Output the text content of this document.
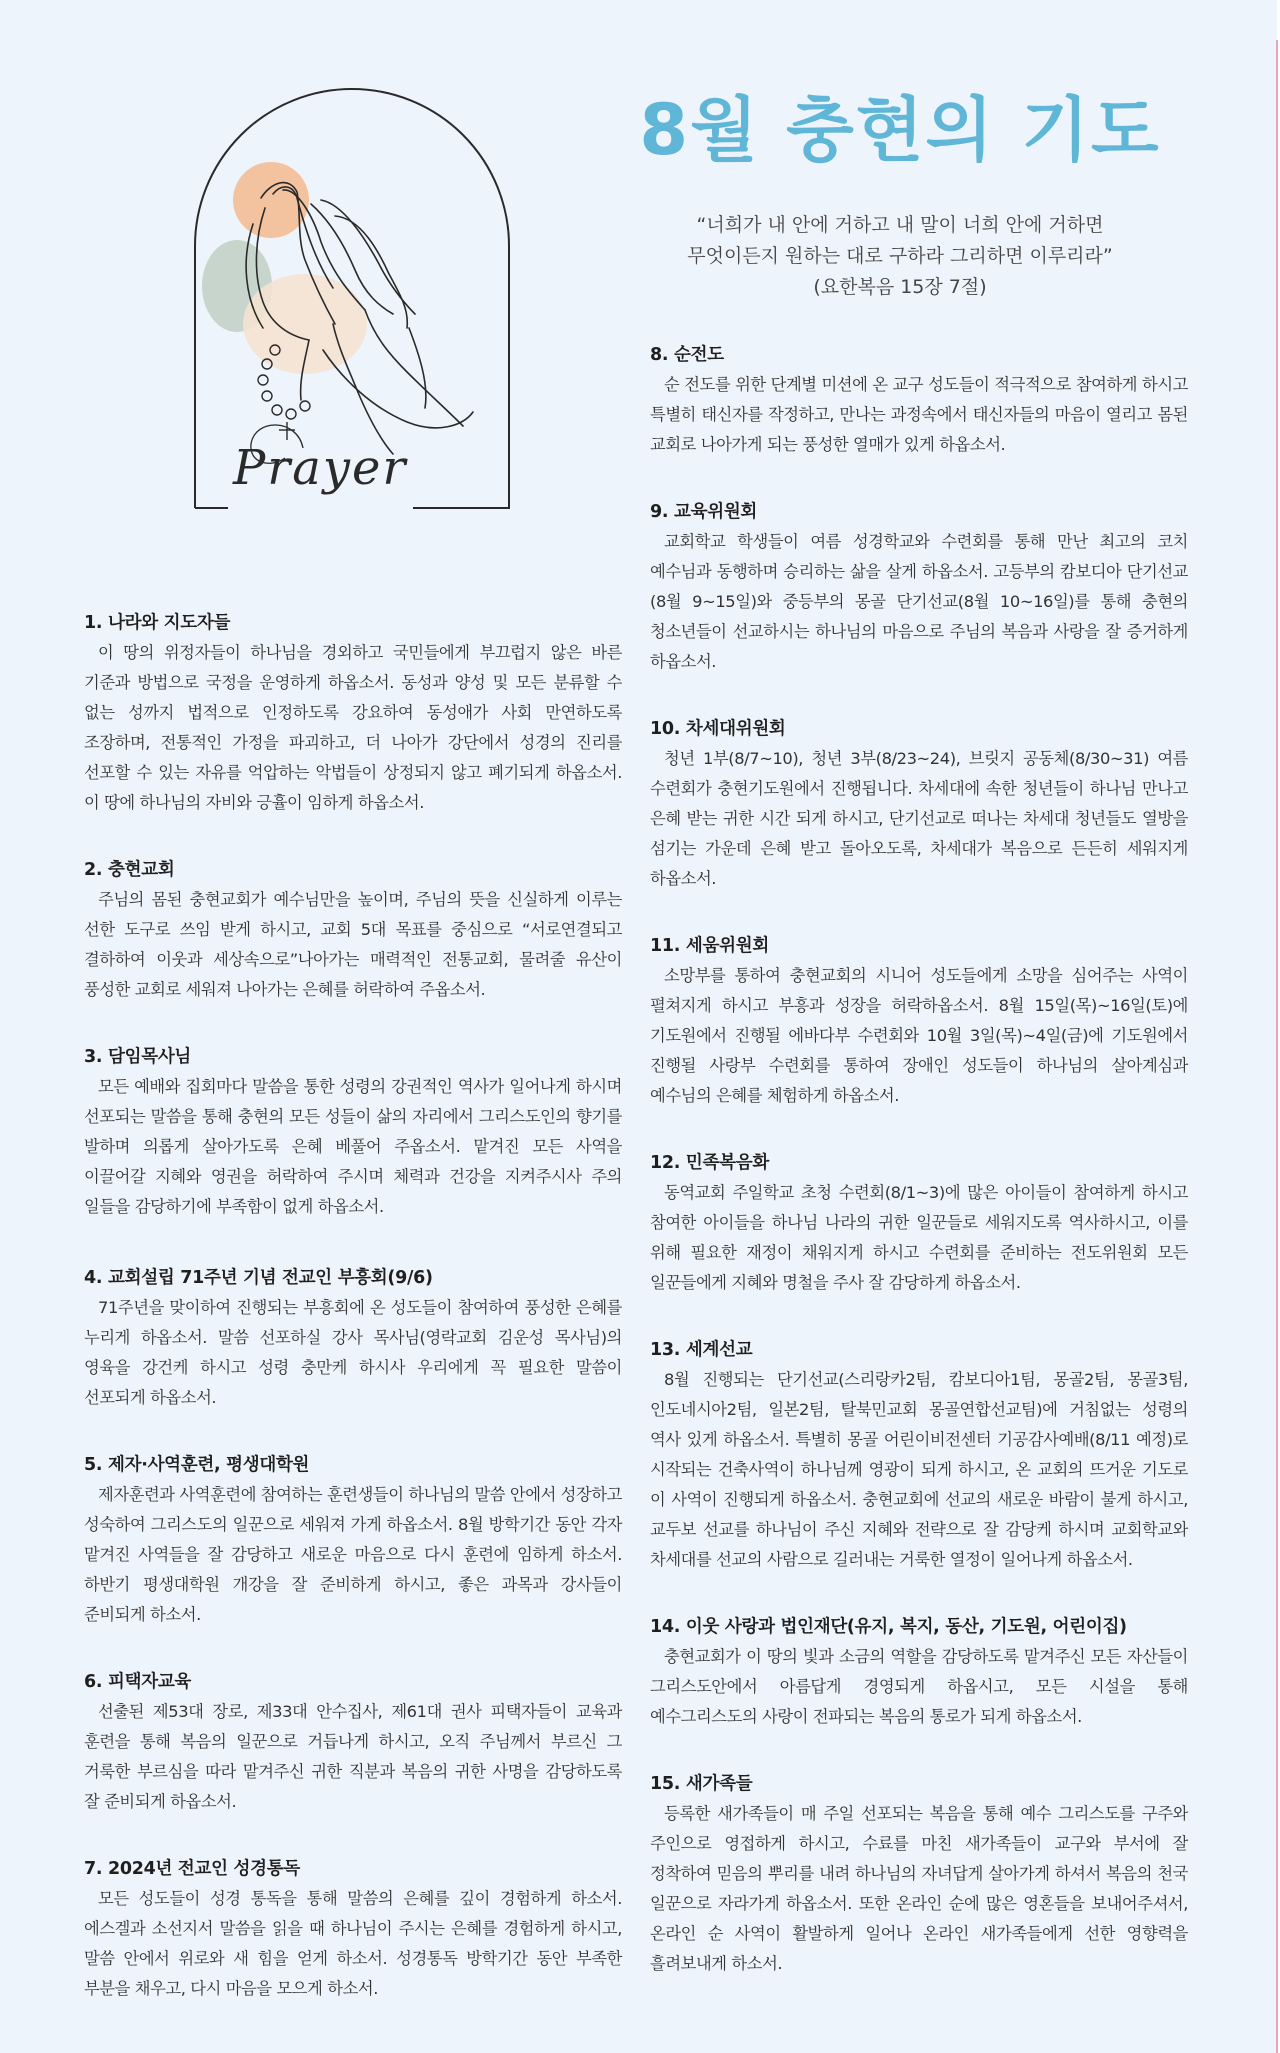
Prayer
8월 충현의 기도
“너희가 내 안에 거하고 내 말이 너희 안에 거하면
무엇이든지 원하는 대로 구하라 그리하면 이루리라”
(요한복음 15장 7절)
1. 나라와 지도자들
이 땅의 위정자들이 하나님을 경외하고 국민들에게 부끄럽지 않은 바른 기준과 방법으로 국정을 운영하게 하옵소서. 동성과 양성 및 모든 분류할 수 없는 성까지 법적으로 인정하도록 강요하여 동성애가 사회 만연하도록 조장하며, 전통적인 가정을 파괴하고, 더 나아가 강단에서 성경의 진리를 선포할 수 있는 자유를 억압하는 악법들이 상정되지 않고 폐기되게 하옵소서. 이 땅에 하나님의 자비와 긍휼이 임하게 하옵소서.
2. 충현교회
주님의 몸된 충현교회가 예수님만을 높이며, 주님의 뜻을 신실하게 이루는 선한 도구로 쓰임 받게 하시고, 교회 5대 목표를 중심으로 “서로연결되고 결하하여 이웃과 세상속으로”나아가는 매력적인 전통교회, 물려줄 유산이 풍성한 교회로 세워져 나아가는 은혜를 허락하여 주옵소서.
3. 담임목사님
모든 예배와 집회마다 말씀을 통한 성령의 강권적인 역사가 일어나게 하시며 선포되는 말씀을 통해 충현의 모든 성들이 삶의 자리에서 그리스도인의 향기를 발하며 의롭게 살아가도록 은혜 베풀어 주옵소서. 맡겨진 모든 사역을 이끌어갈 지혜와 영권을 허락하여 주시며 체력과 건강을 지켜주시사 주의 일들을 감당하기에 부족함이 없게 하옵소서.
4. 교회설립 71주년 기념 전교인 부흥회(9/6)
71주년을 맞이하여 진행되는 부흥회에 온 성도들이 참여하여 풍성한 은혜를 누리게 하옵소서. 말씀 선포하실 강사 목사님(영락교회 김운성 목사님)의 영육을 강건케 하시고 성령 충만케 하시사 우리에게 꼭 필요한 말씀이 선포되게 하옵소서.
5. 제자·사역훈련, 평생대학원
제자훈련과 사역훈련에 참여하는 훈련생들이 하나님의 말씀 안에서 성장하고 성숙하여 그리스도의 일꾼으로 세워져 가게 하옵소서. 8월 방학기간 동안 각자 맡겨진 사역들을 잘 감당하고 새로운 마음으로 다시 훈련에 임하게 하소서. 하반기 평생대학원 개강을 잘 준비하게 하시고, 좋은 과목과 강사들이 준비되게 하소서.
6. 피택자교육
선출된 제53대 장로, 제33대 안수집사, 제61대 권사 피택자들이 교육과 훈련을 통해 복음의 일꾼으로 거듭나게 하시고, 오직 주님께서 부르신 그 거룩한 부르심을 따라 맡겨주신 귀한 직분과 복음의 귀한 사명을 감당하도록 잘 준비되게 하옵소서.
7. 2024년 전교인 성경통독
모든 성도들이 성경 통독을 통해 말씀의 은혜를 깊이 경험하게 하소서. 에스겔과 소선지서 말씀을 읽을 때 하나님이 주시는 은혜를 경험하게 하시고, 말씀 안에서 위로와 새 힘을 얻게 하소서. 성경통독 방학기간 동안 부족한 부분을 채우고, 다시 마음을 모으게 하소서.
8. 순전도
순 전도를 위한 단계별 미션에 온 교구 성도들이 적극적으로 참여하게 하시고 특별히 태신자를 작정하고, 만나는 과정속에서 태신자들의 마음이 열리고 몸된 교회로 나아가게 되는 풍성한 열매가 있게 하옵소서.
9. 교육위원회
교회학교 학생들이 여름 성경학교와 수련회를 통해 만난 최고의 코치 예수님과 동행하며 승리하는 삶을 살게 하옵소서. 고등부의 캄보디아 단기선교(8월 9~15일)와 중등부의 몽골 단기선교(8월 10~16일)를 통해 충현의 청소년들이 선교하시는 하나님의 마음으로 주님의 복음과 사랑을 잘 증거하게 하옵소서.
10. 차세대위원회
청년 1부(8/7~10), 청년 3부(8/23~24), 브릿지 공동체(8/30~31) 여름 수련회가 충현기도원에서 진행됩니다. 차세대에 속한 청년들이 하나님 만나고 은혜 받는 귀한 시간 되게 하시고, 단기선교로 떠나는 차세대 청년들도 열방을 섬기는 가운데 은혜 받고 돌아오도록, 차세대가 복음으로 든든히 세워지게 하옵소서.
11. 세움위원회
소망부를 통하여 충현교회의 시니어 성도들에게 소망을 심어주는 사역이 펼쳐지게 하시고 부흥과 성장을 허락하옵소서. 8월 15일(목)~16일(토)에 기도원에서 진행될 에바다부 수련회와 10월 3일(목)~4일(금)에 기도원에서 진행될 사랑부 수련회를 통하여 장애인 성도들이 하나님의 살아계심과 예수님의 은혜를 체험하게 하옵소서.
12. 민족복음화
동역교회 주일학교 초청 수련회(8/1~3)에 많은 아이들이 참여하게 하시고 참여한 아이들을 하나님 나라의 귀한 일꾼들로 세워지도록 역사하시고, 이를 위해 필요한 재정이 채워지게 하시고 수련회를 준비하는 전도위원회 모든 일꾼들에게 지혜와 명철을 주사 잘 감당하게 하옵소서.
13. 세계선교
8월 진행되는 단기선교(스리랑카2팀, 캄보디아1팀, 몽골2팀, 몽골3팀, 인도네시아2팀, 일본2팀, 탈북민교회 몽골연합선교팀)에 거침없는 성령의 역사 있게 하옵소서. 특별히 몽골 어린이비전센터 기공감사예배(8/11 예정)로 시작되는 건축사역이 하나님께 영광이 되게 하시고, 온 교회의 뜨거운 기도로 이 사역이 진행되게 하옵소서. 충현교회에 선교의 새로운 바람이 불게 하시고, 교두보 선교를 하나님이 주신 지혜와 전략으로 잘 감당케 하시며 교회학교와 차세대를 선교의 사람으로 길러내는 거룩한 열정이 일어나게 하옵소서.
14. 이웃 사랑과 법인재단(유지, 복지, 동산, 기도원, 어린이집)
충현교회가 이 땅의 빛과 소금의 역할을 감당하도록 맡겨주신 모든 자산들이 그리스도안에서 아름답게 경영되게 하옵시고, 모든 시설을 통해 예수그리스도의 사랑이 전파되는 복음의 통로가 되게 하옵소서.
15. 새가족들
등록한 새가족들이 매 주일 선포되는 복음을 통해 예수 그리스도를 구주와 주인으로 영접하게 하시고, 수료를 마친 새가족들이 교구와 부서에 잘 정착하여 믿음의 뿌리를 내려 하나님의 자녀답게 살아가게 하셔서 복음의 천국 일꾼으로 자라가게 하옵소서. 또한 온라인 순에 많은 영혼들을 보내어주셔서, 온라인 순 사역이 활발하게 일어나 온라인 새가족들에게 선한 영향력을 흘려보내게 하소서.
